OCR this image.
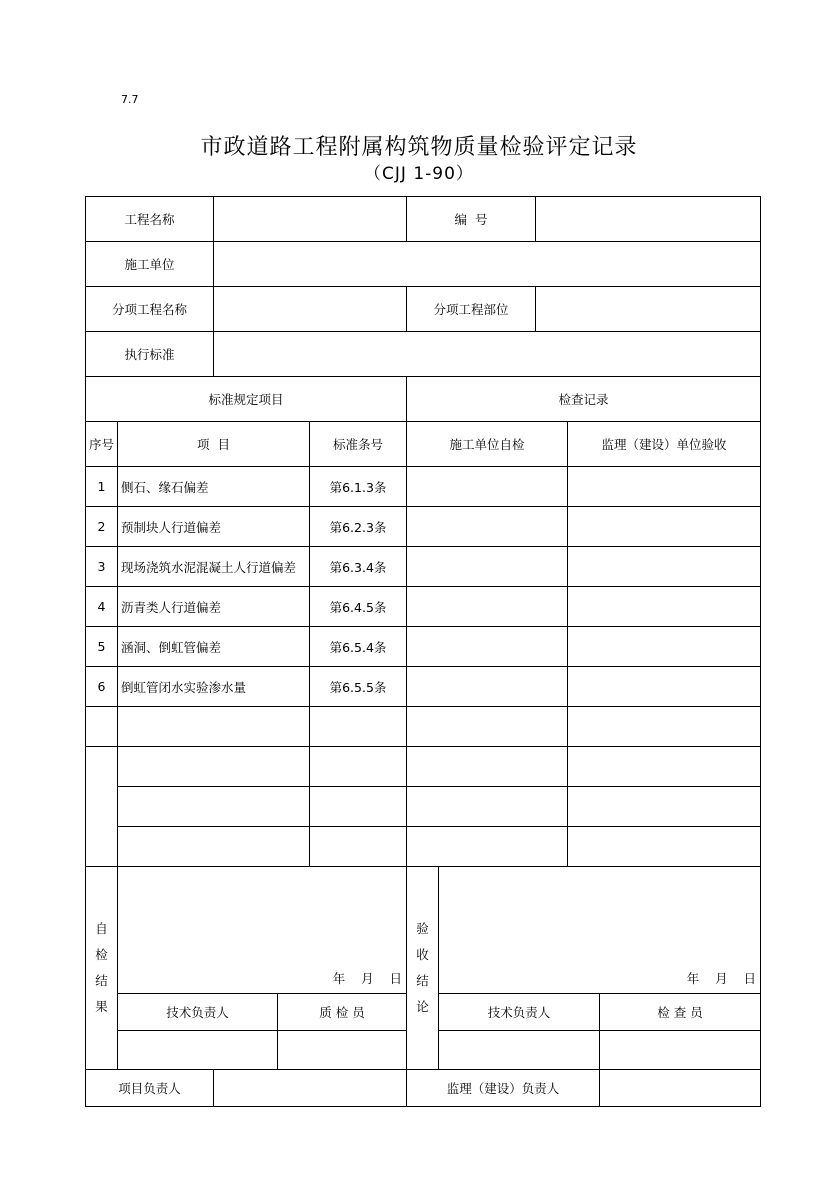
7.7
市政道路工程附属构筑物质量检验评定记录
（CJJ 1-90）
工程名称	编  号
施工单位
分项工程名称	分项工程部位
执行标准
标准规定项目	检查记录
序号	项  目	标准条号	施工单位自检	监理（建设）单位验收
1	侧石、缘石偏差	第6.1.3条
2	预制块人行道偏差	第6.2.3条
3	现场浇筑水泥混凝土人行道偏差	第6.3.4条
4	沥青类人行道偏差	第6.4.5条
5	涵洞、倒虹管偏差	第6.5.4条
6	倒虹管闭水实验渗水量	第6.5.5条
自
检
结
果
年    月    日
技术负责人	质 检 员
验
收
结
论
年    月    日
技术负责人	检 查 员
项目负责人	监理（建设）负责人
